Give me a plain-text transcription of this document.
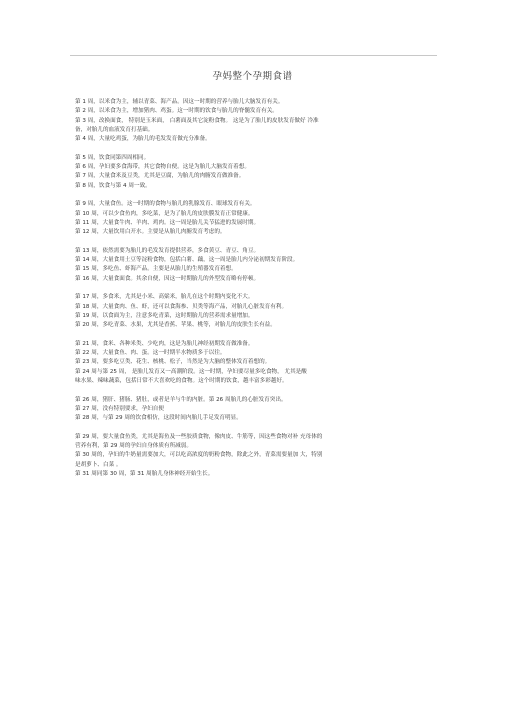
孕妈整个孕期食谱
第 1 周，以米食为主，辅以青菜、海产品。因这一时期的营养与胎儿大脑发育有关。
第 2 周，以米食为主，增加猪肉、鸡蛋。这一时期的饮食与胎儿的脊髓发育有关。
第 3 周，改换面食， 特别是玉米面， 白薯面及其它淀粉食物。 这是为了胎儿的皮肤发育做好 冷准
备，对胎儿的血液发育打基础。
第 4 周，大量吃鸡蛋，为胎儿的毛发发育做充分准备。
第 5 周，饮食同第四周相同。
第 6 周，孕妇要多食海带，其它食物自便。这是为胎儿大脑发育着想。
第 7 周，大量食米及豆类，尤其是豆腐，为胎儿的肉腑发育做准备。
第 8 周，饮食与第 4 周一致。
第 9 周，大量食鱼。这一时期的食物与胎儿的乳腺发育、眼球发育有关。
第 10 周，可以少食鱼肉，多吃菜，是为了胎儿的皮肤膜发育正常健康。
第 11 周，大量食牛肉、羊肉、鸡肉。这一周是胎儿关节猛进的发展时期。
第 12 周，大量饮用白开水。主要是从胎儿肉腑发育考虑的。
第 13 周，依然需要为胎儿的毛发发育提供营养，多食黄豆、青豆、角豆。
第 14 周，大量食用土豆等淀粉食物，包括白薯、藕，这一周是胎儿内分泌初期发育阶段。
第 15 周，多吃鱼、虾海产品。主要是从胎儿的生殖器发育着想。
第 16 周，大量食面食。其余自便，因这一时期胎儿的外型发育略有停顿。
第 17 周，多食米，尤其是小米、高粱米，胎儿在这个时期内变化不大。
第 18 周，大量食肉、鱼、虾，还可以食海参、贝类等海产品，对胎儿心脏发育有利。
第 19 周，以食面为主，注意多吃青菜，这时期胎儿的营养需求量增加。
第 20 周，多吃青菜、水果，尤其是香蕉、苹果、桃等，对胎儿的皮肤生长有益。
第 21 周，食米、各种米类、少吃肉，这是为胎儿神经初期发育做准备。
第 22 周，大量食鱼、肉、蛋。这一时期半水物质多于以往。
第 23 周，要多吃豆类、花生、核桃、松子，当然是为大脑的整体发育着想的。
第 24 周与第 25 周， 是胎儿发育又一高潮阶段。这一时期，孕妇要尽量多吃食物， 尤其是酸
味水果、辣味蔬菜，包括日常不大喜欢吃的食物。这个时期的饮食，越丰富多彩越好。
第 26 周，猪肝、猪肠、猪肚，或者是羊与牛的内脏。第 26 周胎儿的心脏发育突出。
第 27 周，没有特别要求，孕妇自便
第 28 周，与第 29 周的饮食相仿，这段时间内胎儿手足发育明显。
第 29 周，要大量食鱼类，尤其是海鱼及一些胶质食物，像肉皮、牛筋等，因这些食物对补 充母体的
营养有利，第 29 周的孕妇自身体质有所减弱。
第 30 周的，孕妇的牛奶量需要加大，可以吃高浓度的奶粉食物，除此之外，青菜需要量加 大，特别
是胡萝卜、白菜 。
第 31 周同第 30 周，第 31 周胎儿身体神经开始生长。
